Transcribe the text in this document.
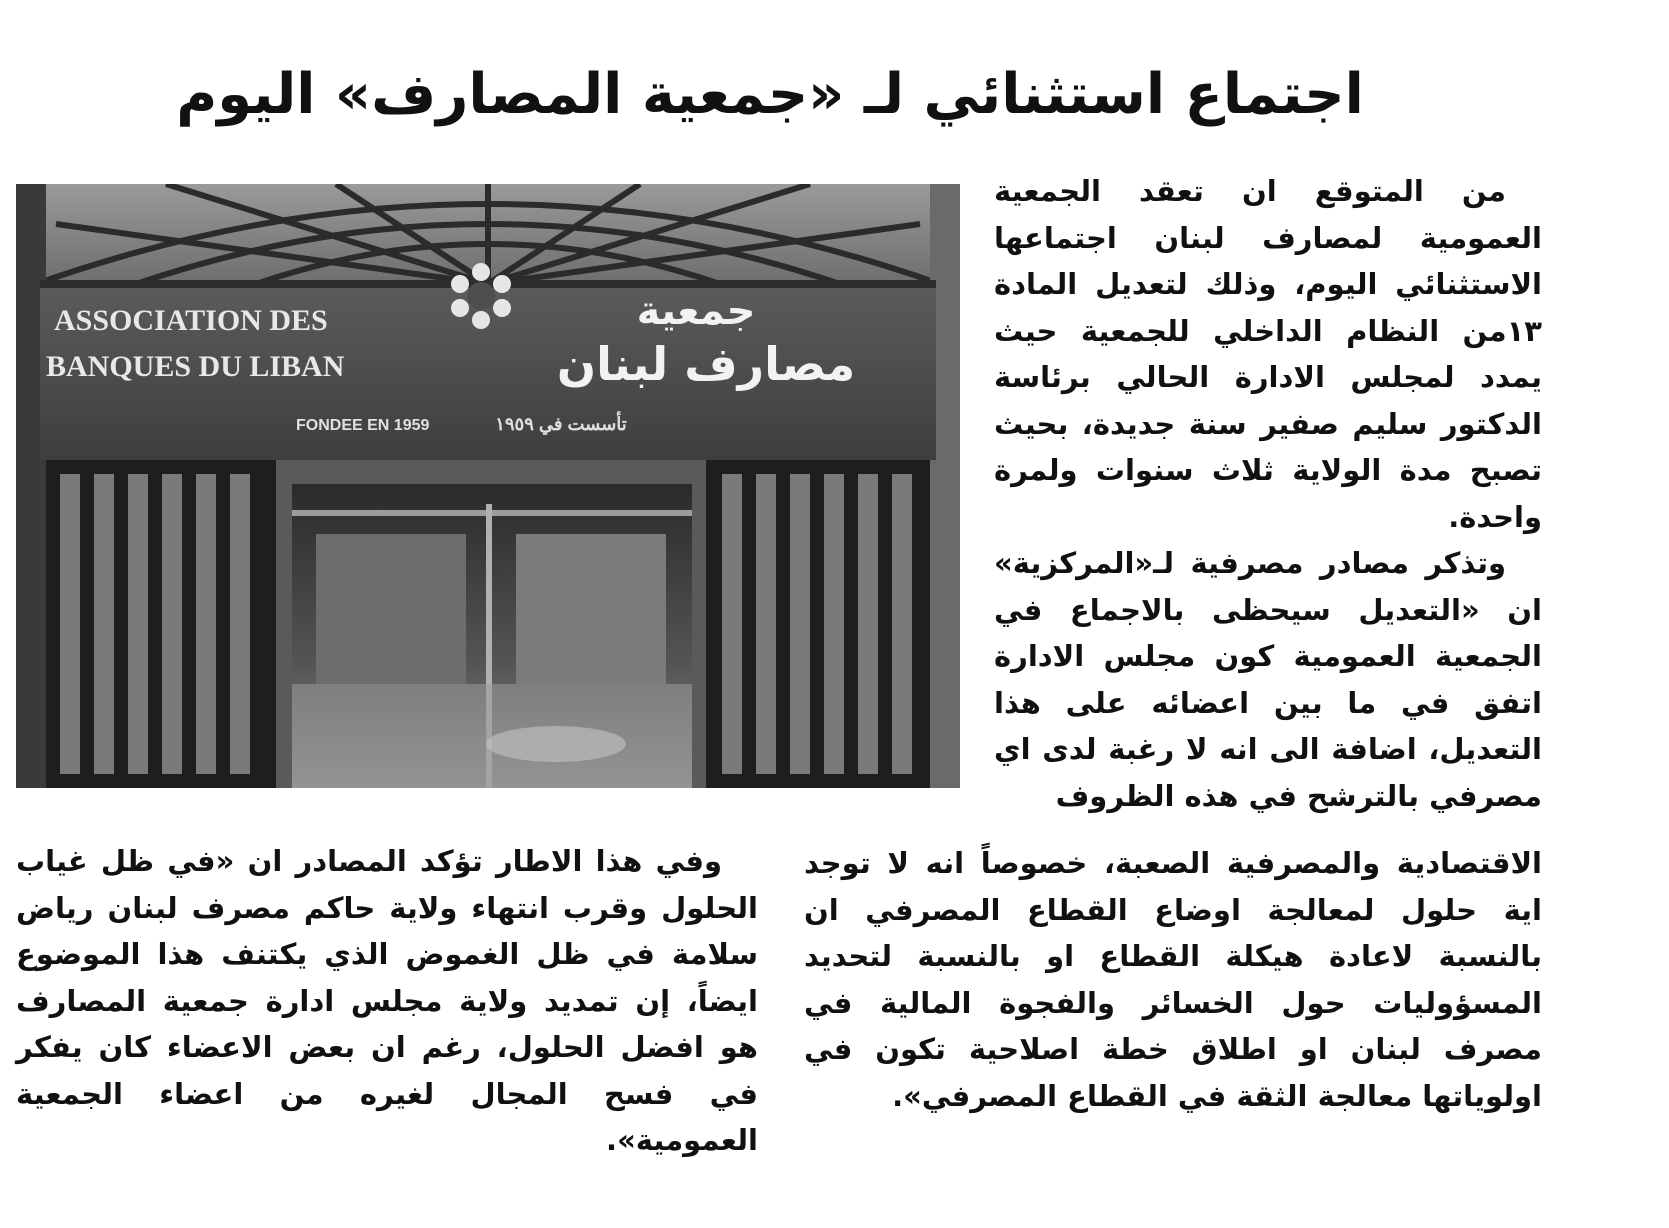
اجتماع استثنائي لـ «جمعية المصارف» اليوم
ASSOCIATION DES
BANQUES DU LIBAN
FONDEE EN 1959
جمعية
مصارف لبنان
تأسست في ١٩٥٩

من المتوقع ان تعقد الجمعية العمومية لمصارف لبنان اجتماعها الاستثنائي اليوم، وذلك لتعديل المادة ١٣من النظام الداخلي للجمعية حيث يمدد لمجلس الادارة الحالي برئاسة الدكتور سليم صفير سنة جديدة، بحيث تصبح مدة الولاية ثلاث سنوات ولمرة واحدة.

وتذكر مصادر مصرفية لـ«المركزية» ان «التعديل سيحظى بالاجماع في الجمعية العمومية كون مجلس الادارة اتفق في ما بين اعضائه على هذا التعديل، اضافة الى انه لا رغبة لدى اي مصرفي بالترشح في هذه الظروف

الاقتصادية والمصرفية الصعبة، خصوصاً انه لا توجد اية حلول لمعالجة اوضاع القطاع المصرفي ان بالنسبة لاعادة هيكلة القطاع او بالنسبة لتحديد المسؤوليات حول الخسائر والفجوة المالية في مصرف لبنان او اطلاق خطة اصلاحية تكون في اولوياتها معالجة الثقة في القطاع المصرفي».

وفي هذا الاطار تؤكد المصادر ان «في ظل غياب الحلول وقرب انتهاء ولاية حاكم مصرف لبنان رياض سلامة في ظل الغموض الذي يكتنف هذا الموضوع ايضاً، إن تمديد ولاية مجلس ادارة جمعية المصارف هو افضل الحلول، رغم ان بعض الاعضاء كان يفكر في فسح المجال لغيره من اعضاء الجمعية العمومية».
